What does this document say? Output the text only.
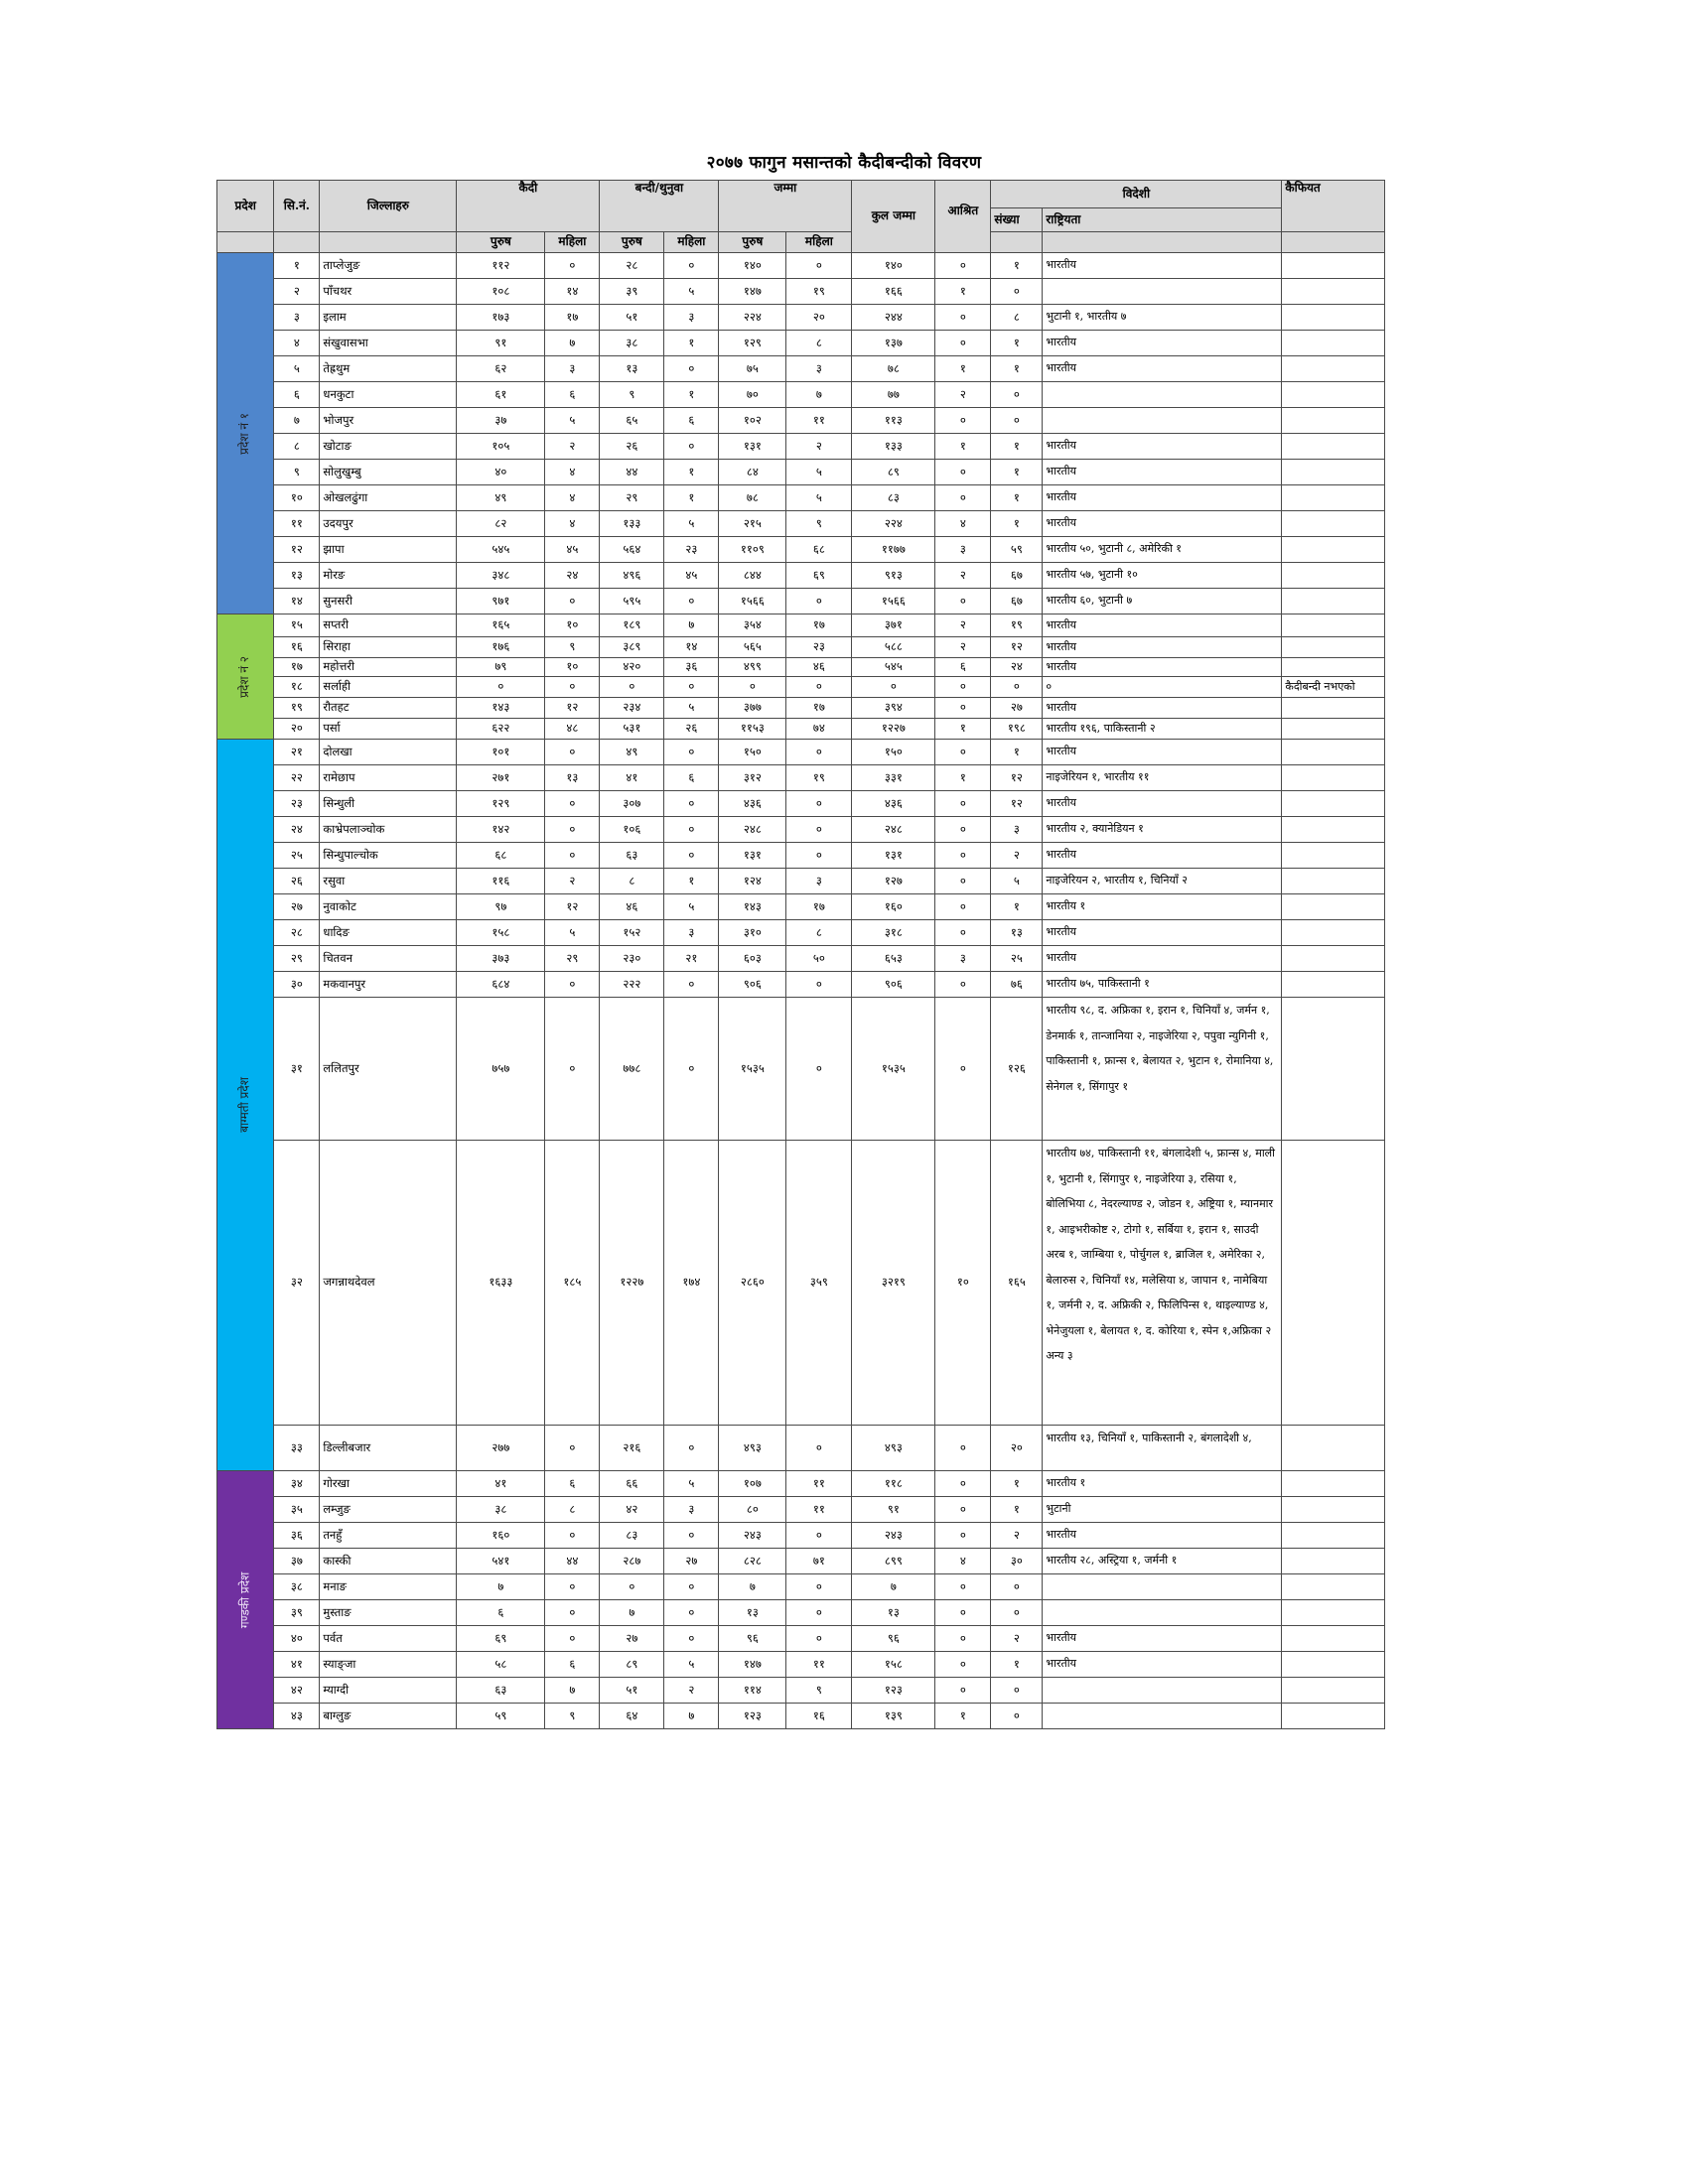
२०७७ फागुन मसान्तको कैदीबन्दीको विवरण
प्रदेश	सि.नं.	जिल्लाहरु	कैदी		बन्दी/थुनुवा		जम्मा		कुल जम्मा	आश्रित	विदेशी		कैफियत
											संख्या	राष्ट्रियता	
			पुरुष	महिला	पुरुष	महिला	पुरुष	महिला					
प्रदेश नं १	१	ताप्लेजुङ	११२	०	२८	०	१४०	०	१४०	०	१	भारतीय	
	२	पाँचथर	१०८	१४	३९	५	१४७	१९	१६६	१	०		
	३	इलाम	१७३	१७	५१	३	२२४	२०	२४४	०	८	भुटानी १, भारतीय ७	
	४	संखुवासभा	९१	७	३८	१	१२९	८	१३७	०	१	भारतीय	
	५	तेह्रथुम	६२	३	१३	०	७५	३	७८	१	१	भारतीय	
	६	धनकुटा	६१	६	९	१	७०	७	७७	२	०		
	७	भोजपुर	३७	५	६५	६	१०२	११	११३	०	०		
	८	खोटाङ	१०५	२	२६	०	१३१	२	१३३	१	१	भारतीय	
	९	सोलुखुम्बु	४०	४	४४	१	८४	५	८९	०	१	भारतीय	
	१०	ओखलढुंगा	४९	४	२९	१	७८	५	८३	०	१	भारतीय	
	११	उदयपुर	८२	४	१३३	५	२१५	९	२२४	४	१	भारतीय	
	१२	झापा	५४५	४५	५६४	२३	११०९	६८	११७७	३	५९	भारतीय ५०, भुटानी ८, अमेरिकी १	
	१३	मोरङ	३४८	२४	४९६	४५	८४४	६९	९१३	२	६७	भारतीय ५७, भुटानी १०	
	१४	सुनसरी	९७१	०	५९५	०	१५६६	०	१५६६	०	६७	भारतीय ६०, भुटानी ७	
प्रदेश नं २	१५	सप्तरी	१६५	१०	१८९	७	३५४	१७	३७१	२	१९	भारतीय	
	१६	सिराहा	१७६	९	३८९	१४	५६५	२३	५८८	२	१२	भारतीय	
	१७	महोत्तरी	७९	१०	४२०	३६	४९९	४६	५४५	६	२४	भारतीय	
	१८	सर्लाही	०	०	०	०	०	०	०	०	०	०	कैदीबन्दी नभएको
	१९	रौतहट	१४३	१२	२३४	५	३७७	१७	३९४	०	२७	भारतीय	
	२०	पर्सा	६२२	४८	५३१	२६	११५३	७४	१२२७	१	१९८	भारतीय १९६, पाकिस्तानी २	
बाग्मती प्रदेश	२१	दोलखा	१०१	०	४९	०	१५०	०	१५०	०	१	भारतीय	
	२२	रामेछाप	२७१	१३	४१	६	३१२	१९	३३१	१	१२	नाइजेरियन १, भारतीय ११	
	२३	सिन्धुली	१२९	०	३०७	०	४३६	०	४३६	०	१२	भारतीय	
	२४	काभ्रेपलाञ्चोक	१४२	०	१०६	०	२४८	०	२४८	०	३	भारतीय २, क्यानेडियन १	
	२५	सिन्धुपाल्चोक	६८	०	६३	०	१३१	०	१३१	०	२	भारतीय	
	२६	रसुवा	११६	२	८	१	१२४	३	१२७	०	५	नाइजेरियन २, भारतीय १, चिनियाँ २	
	२७	नुवाकोट	९७	१२	४६	५	१४३	१७	१६०	०	१	भारतीय १	
	२८	धादिङ	१५८	५	१५२	३	३१०	८	३१८	०	१३	भारतीय	
	२९	चितवन	३७३	२९	२३०	२१	६०३	५०	६५३	३	२५	भारतीय	
	३०	मकवानपुर	६८४	०	२२२	०	९०६	०	९०६	०	७६	भारतीय ७५, पाकिस्तानी १	
	३१	ललितपुर	७५७	०	७७८	०	१५३५	०	१५३५	०	१२६	भारतीय ९८, द. अफ्रिका १, इरान १, चिनियाँ ४, जर्मन १, डेनमार्क १, तान्जानिया २, नाइजेरिया २, पपुवा न्युगिनी १, पाकिस्तानी १, फ्रान्स १, बेलायत २, भुटान १, रोमानिया ४, सेनेगल १, सिंगापुर १	
	३२	जगन्नाथदेवल	१६३३	१८५	१२२७	१७४	२८६०	३५९	३२१९	१०	१६५	भारतीय ७४, पाकिस्तानी ११, बंगलादेशी ५, फ्रान्स ४, माली १, भुटानी १, सिंगापुर १, नाइजेरिया ३, रसिया १, बोलिभिया ८, नेदरल्याण्ड २, जोडन १, अष्ट्रिया १, म्यानमार १, आइभरीकोष्ट २, टोगो १, सर्बिया १, इरान १, साउदी अरब १, जाम्बिया १, पोर्चुगल १, ब्राजिल १, अमेरिका २, बेलारुस २, चिनियाँ १४, मलेसिया ४, जापान १, नामेबिया १, जर्मनी २, द. अफ्रिकी २, फिलिपिन्स १, थाइल्याण्ड ४, भेनेजुयला १, बेलायत १, द. कोरिया १, स्पेन १,अफ्रिका २ अन्य ३	
	३३	डिल्लीबजार	२७७	०	२१६	०	४९३	०	४९३	०	२०	भारतीय १३, चिनियाँ १, पाकिस्तानी २, बंगलादेशी ४,	
गण्डकी प्रदेश	३४	गोरखा	४१	६	६६	५	१०७	११	११८	०	१	भारतीय १	
	३५	लम्जुङ	३८	८	४२	३	८०	११	९१	०	१	भुटानी	
	३६	तनहुँ	१६०	०	८३	०	२४३	०	२४३	०	२	भारतीय	
	३७	कास्की	५४१	४४	२८७	२७	८२८	७१	८९९	४	३०	भारतीय २८, अस्ट्रिया १, जर्मनी १	
	३८	मनाङ	७	०	०	०	७	०	७	०	०		
	३९	मुस्ताङ	६	०	७	०	१३	०	१३	०	०		
	४०	पर्वत	६९	०	२७	०	९६	०	९६	०	२	भारतीय	
	४१	स्याङ्जा	५८	६	८९	५	१४७	११	१५८	०	१	भारतीय	
	४२	म्याग्दी	६३	७	५१	२	११४	९	१२३	०	०		
	४३	बाग्लुङ	५९	९	६४	७	१२३	१६	१३९	१	०		
